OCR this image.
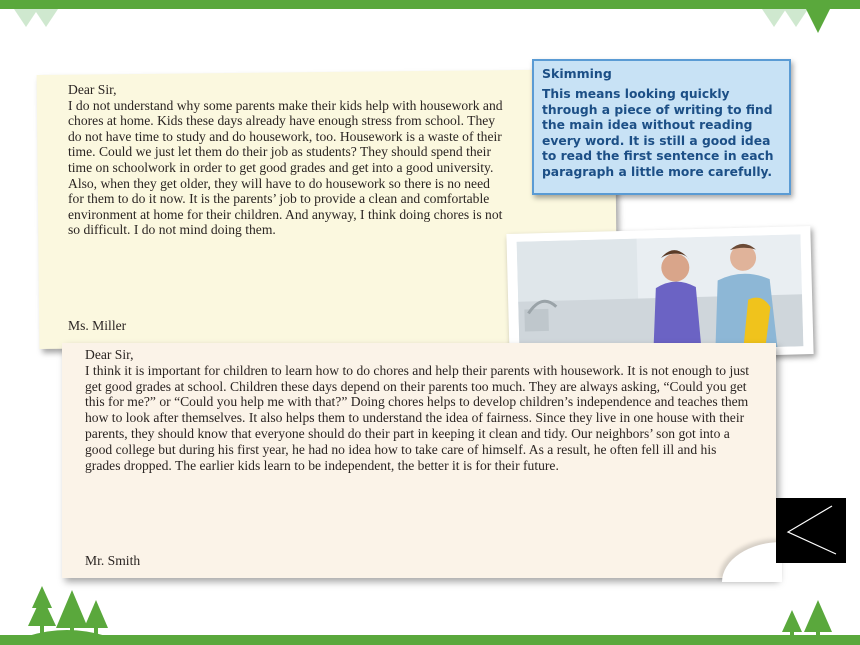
Dear Sir,

I do not understand why some parents make their kids help with housework and chores at home. Kids these days already have enough stress from school. They do not have time to study and do housework, too. Housework is a waste of their time. Could we just let them do their job as students? They should spend their time on schoolwork in order to get good grades and get into a good university. Also, when they get older, they will have to do housework so there is no need for them to do it now. It is the parents’ job to provide a clean and comfortable environment at home for their children. And anyway, I think doing chores is not so difficult. I do not mind doing them.

Ms. Miller
Skimming
This means looking quickly through a piece of writing to find the main idea without reading every word. It is still a good idea to read the first sentence in each paragraph a little more carefully.

Dear Sir,

I think it is important for children to learn how to do chores and help their parents with housework. It is not enough to just get good grades at school. Children these days depend on their parents too much. They are always asking, “Could you get this for me?” or “Could you help me with that?” Doing chores helps to develop children’s independence and teaches them how to look after themselves. It also helps them to understand the idea of fairness. Since they live in one house with their parents, they should know that everyone should do their part in keeping it clean and tidy. Our neighbors’ son got into a good college but during his first year, he had no idea how to take care of himself. As a result, he often fell ill and his grades dropped. The earlier kids learn to be independent, the better it is for their future.

Mr. Smith
